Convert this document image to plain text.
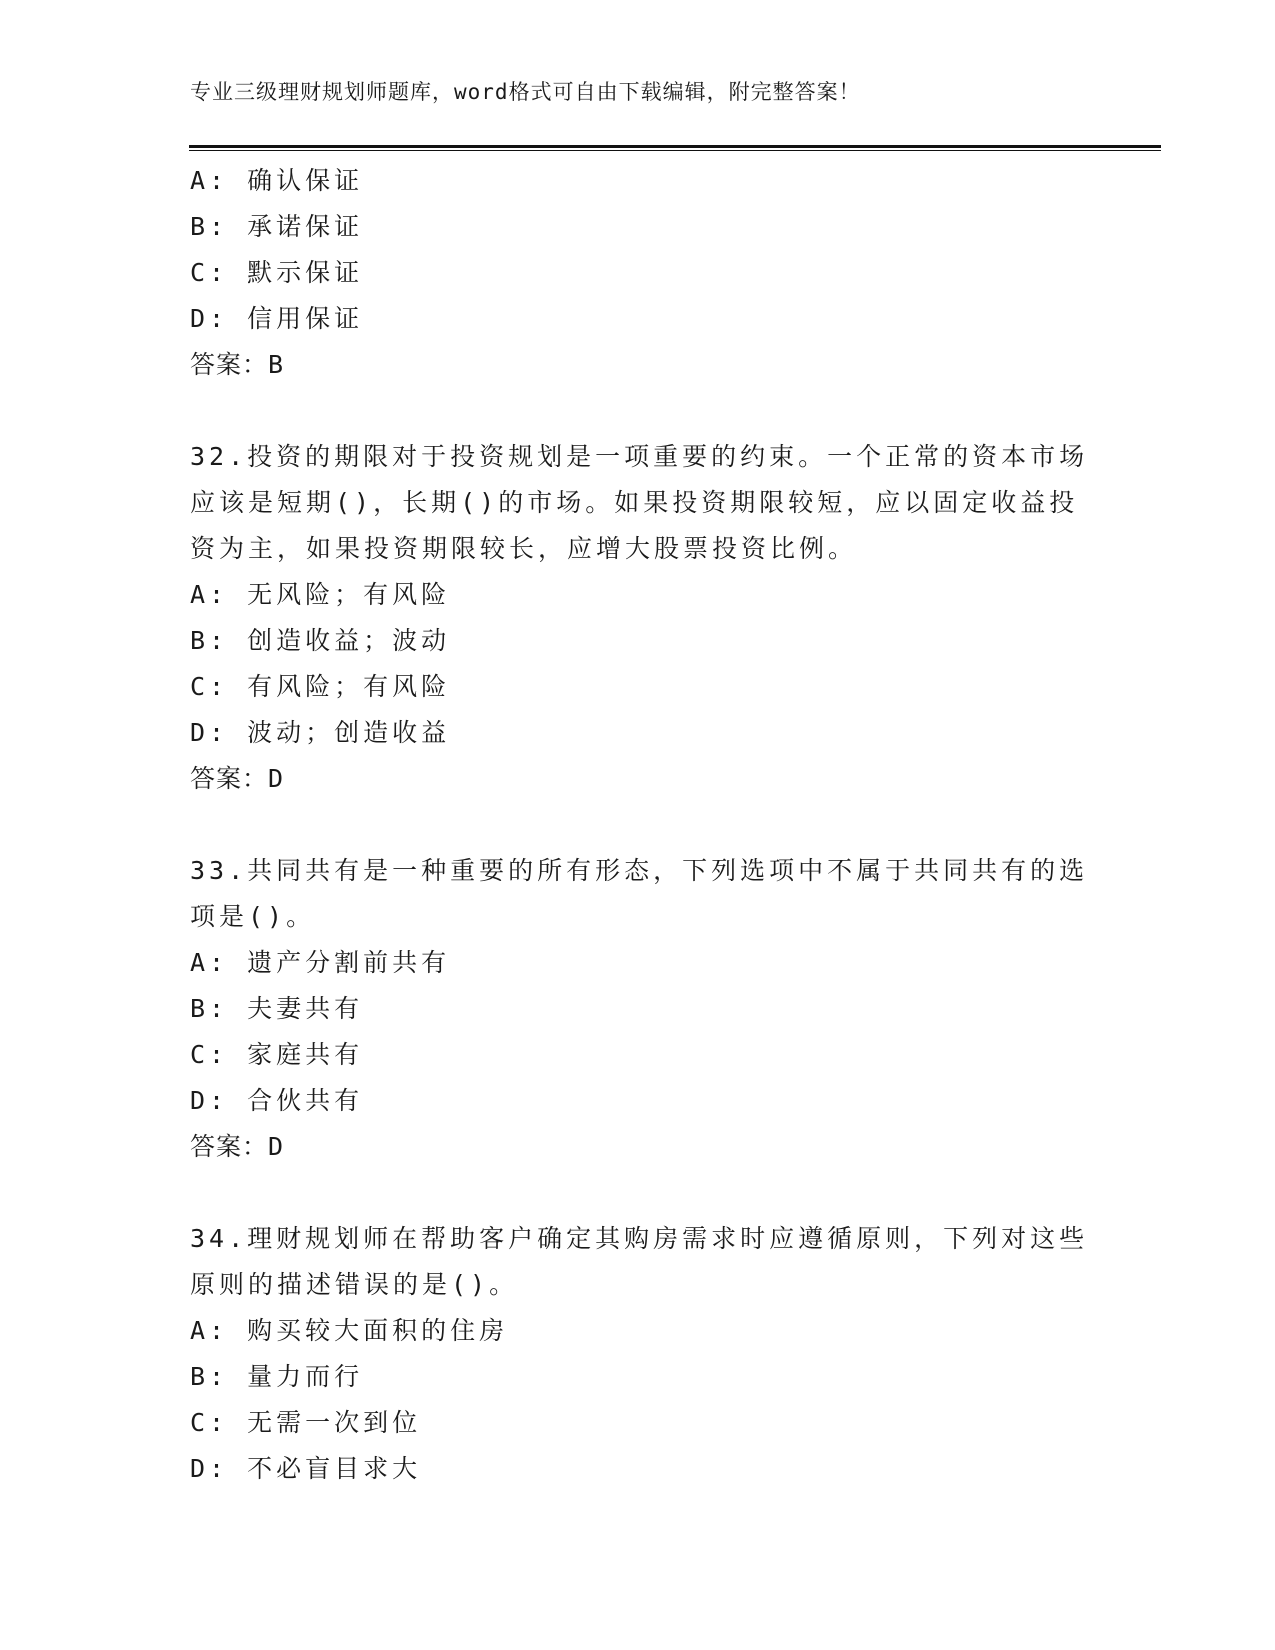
专业三级理财规划师题库，word格式可自由下载编辑，附完整答案！
A: 确认保证
B: 承诺保证
C: 默示保证
D: 信用保证
答案：B
32.投资的期限对于投资规划是一项重要的约束。一个正常的资本市场
应该是短期()，长期()的市场。如果投资期限较短，应以固定收益投
资为主，如果投资期限较长，应增大股票投资比例。
A: 无风险；有风险
B: 创造收益；波动
C: 有风险；有风险
D: 波动；创造收益
答案：D
33.共同共有是一种重要的所有形态，下列选项中不属于共同共有的选
项是()。
A: 遗产分割前共有
B: 夫妻共有
C: 家庭共有
D: 合伙共有
答案：D
34.理财规划师在帮助客户确定其购房需求时应遵循原则，下列对这些
原则的描述错误的是()。
A: 购买较大面积的住房
B: 量力而行
C: 无需一次到位
D: 不必盲目求大
